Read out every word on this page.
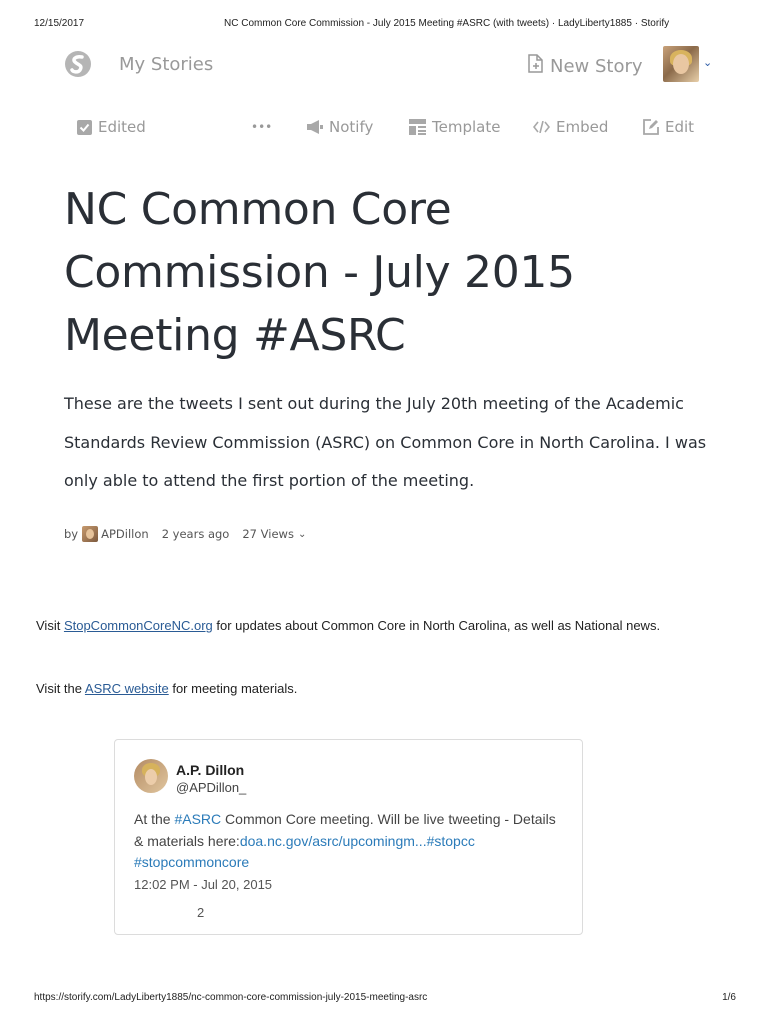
12/15/2017	NC Common Core Commission - July 2015 Meeting #ASRC (with tweets) · LadyLiberty1885 · Storify
My Stories	New Story	⌄
Edited	•••	Notify	Template	Embed	Edit
NC Common Core Commission - July 2015 Meeting #ASRC

These are the tweets I sent out during the July 20th meeting of the Academic Standards Review Commission (ASRC) on Common Core in North Carolina. I was only able to attend the first portion of the meeting.

by APDillon 2 years ago 27 Views ⌄
Visit StopCommonCoreNC.org for updates about Common Core in North Carolina, as well as National news.
Visit the ASRC website for meeting materials.
A.P. Dillon
@APDillon_
At the #ASRC Common Core meeting. Will be live tweeting - Details & materials here:doa.nc.gov/asrc/upcomingm...#stopcc
#stopcommoncore
12:02 PM - Jul 20, 2015
2
https://storify.com/LadyLiberty1885/nc-common-core-commission-july-2015-meeting-asrc	1/6
